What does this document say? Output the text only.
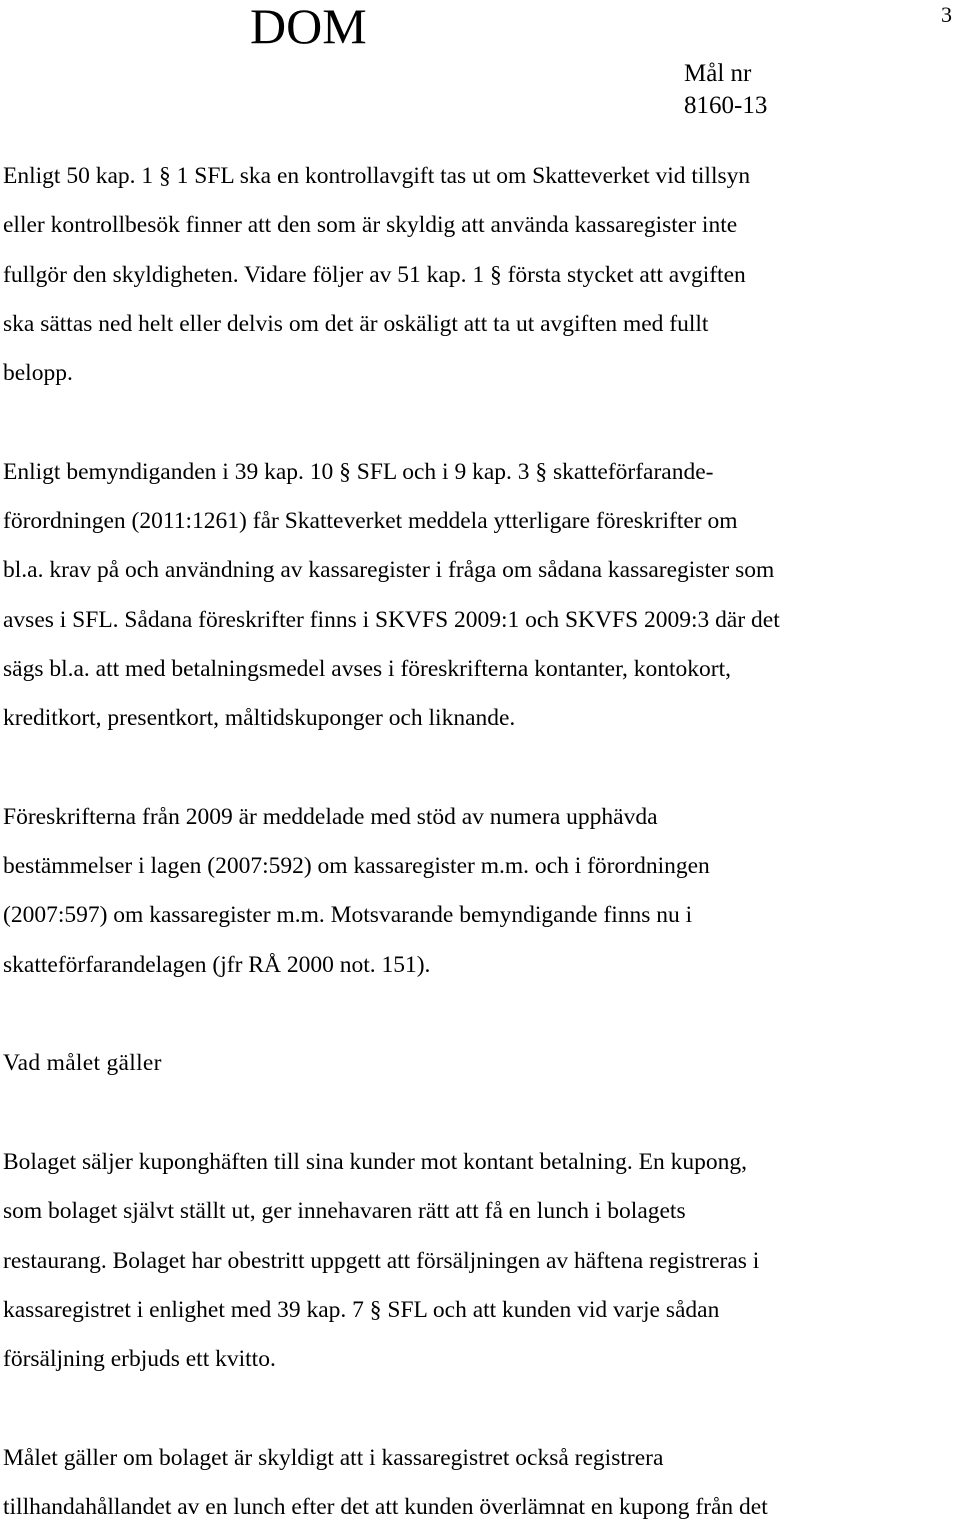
DOM	3
Mål nr
8160-13
Enligt 50 kap. 1 § 1 SFL ska en kontrollavgift tas ut om Skatteverket vid tillsyn
eller kontrollbesök finner att den som är skyldig att använda kassaregister inte
fullgör den skyldigheten. Vidare följer av 51 kap. 1 § första stycket att avgiften
ska sättas ned helt eller delvis om det är oskäligt att ta ut avgiften med fullt
belopp.
Enligt bemyndiganden i 39 kap. 10 § SFL och i 9 kap. 3 § skatteförfarande-
förordningen (2011:1261) får Skatteverket meddela ytterligare föreskrifter om
bl.a. krav på och användning av kassaregister i fråga om sådana kassaregister som
avses i SFL. Sådana föreskrifter finns i SKVFS 2009:1 och SKVFS 2009:3 där det
sägs bl.a. att med betalningsmedel avses i föreskrifterna kontanter, kontokort,
kreditkort, presentkort, måltidskuponger och liknande.
Föreskrifterna från 2009 är meddelade med stöd av numera upphävda
bestämmelser i lagen (2007:592) om kassaregister m.m. och i förordningen
(2007:597) om kassaregister m.m. Motsvarande bemyndigande finns nu i
skatteförfarandelagen (jfr RÅ 2000 not. 151).
Vad målet gäller
Bolaget säljer kuponghäften till sina kunder mot kontant betalning. En kupong,
som bolaget självt ställt ut, ger innehavaren rätt att få en lunch i bolagets
restaurang. Bolaget har obestritt uppgett att försäljningen av häftena registreras i
kassaregistret i enlighet med 39 kap. 7 § SFL och att kunden vid varje sådan
försäljning erbjuds ett kvitto.
Målet gäller om bolaget är skyldigt att i kassaregistret också registrera
tillhandahållandet av en lunch efter det att kunden överlämnat en kupong från det
